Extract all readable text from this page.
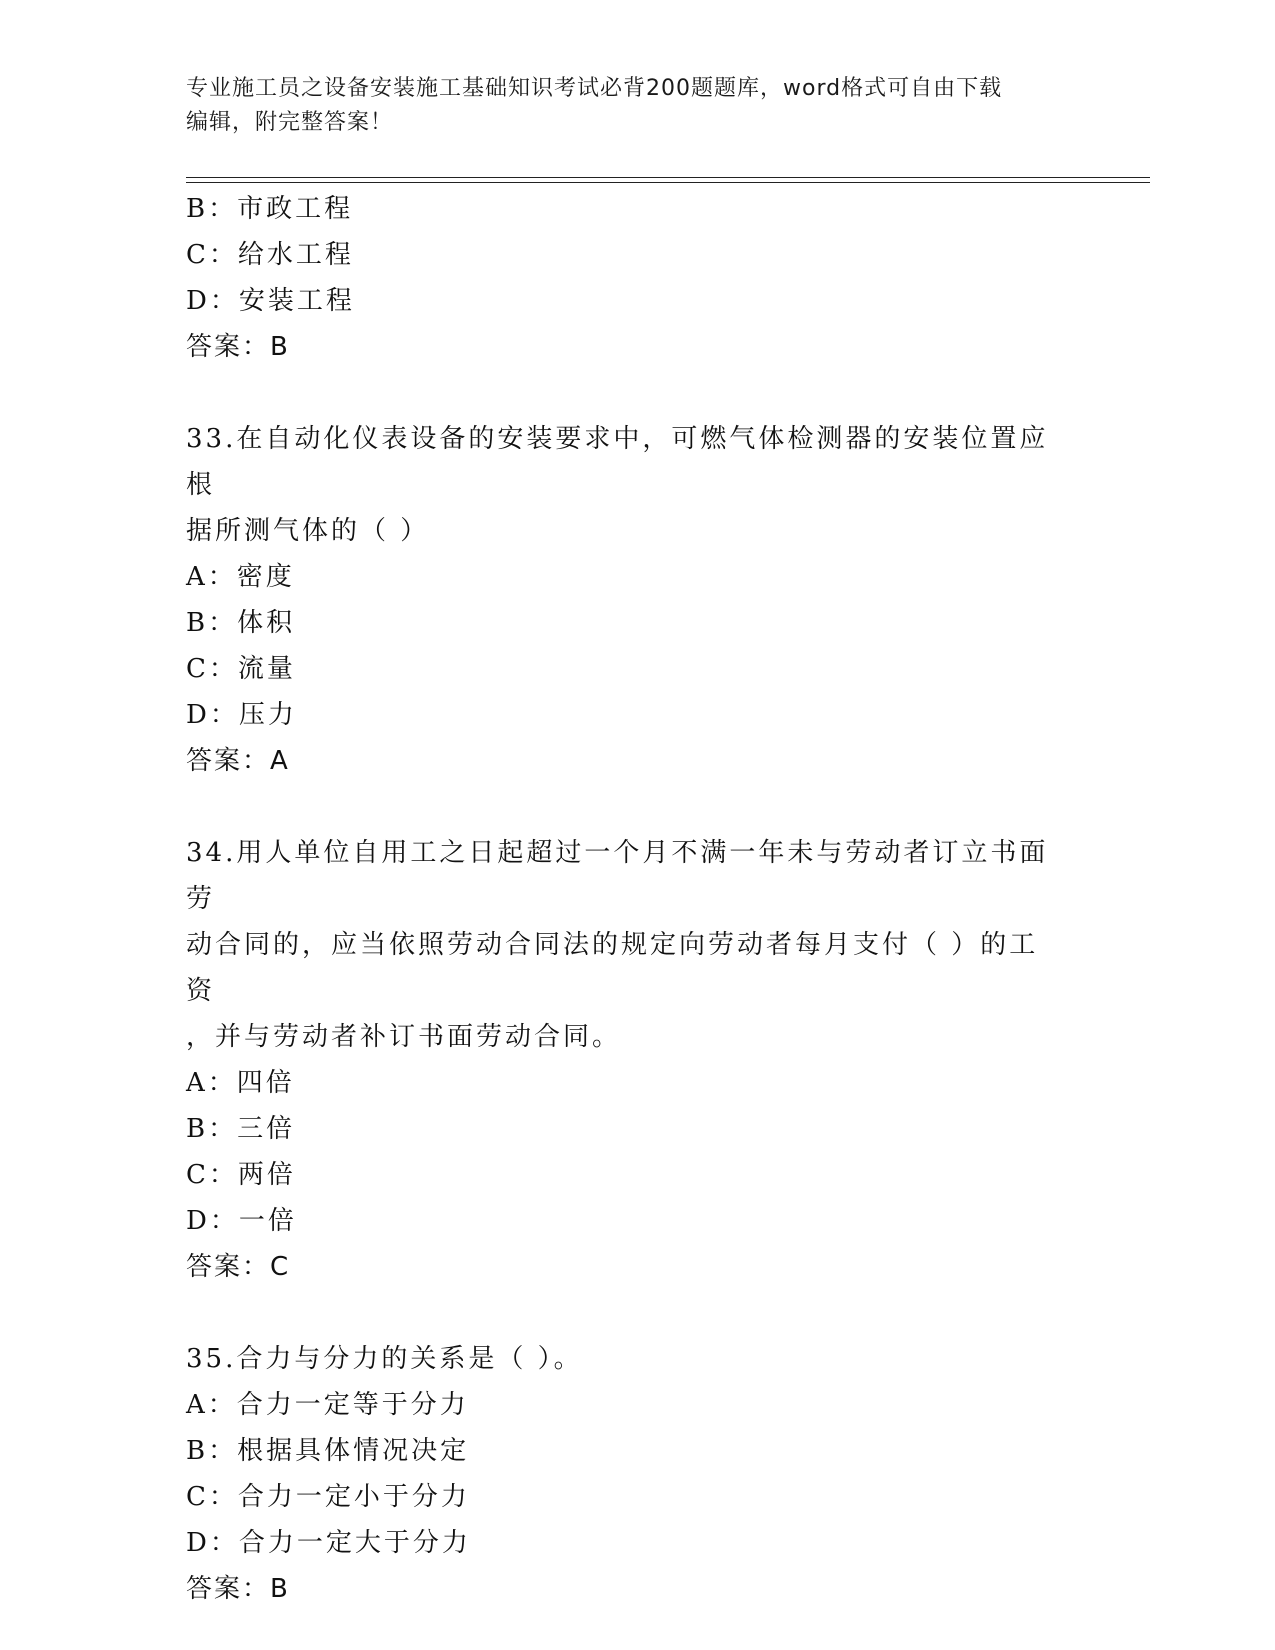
专业施工员之设备安装施工基础知识考试必背200题题库，word格式可自由下载
编辑，附完整答案！
B：市政工程
C：给水工程
D：安装工程
答案：B
33.在自动化仪表设备的安装要求中，可燃气体检测器的安装位置应根
据所测气体的（ ）
A：密度
B：体积
C：流量
D：压力
答案：A
34.用人单位自用工之日起超过一个月不满一年未与劳动者订立书面劳
动合同的，应当依照劳动合同法的规定向劳动者每月支付（ ）的工资
，并与劳动者补订书面劳动合同。
A：四倍
B：三倍
C：两倍
D：一倍
答案：C
35.合力与分力的关系是（ ）。
A：合力一定等于分力
B：根据具体情况决定
C：合力一定小于分力
D：合力一定大于分力
答案：B
